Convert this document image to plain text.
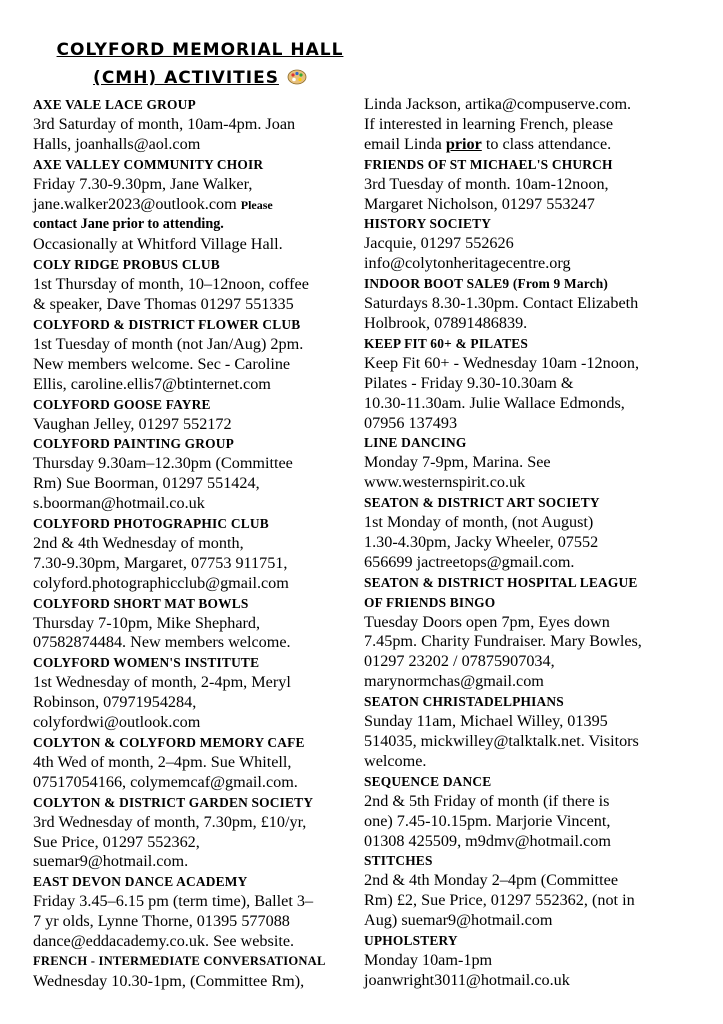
COLYFORD MEMORIAL HALL
(CMH) ACTIVITIES
AXE VALE LACE GROUP
3rd Saturday of month, 10am-4pm. Joan
Halls, joanhalls@aol.com
AXE VALLEY COMMUNITY CHOIR
Friday 7.30-9.30pm, Jane Walker,
jane.walker2023@outlook.com Please
contact Jane prior to attending.
Occasionally at Whitford Village Hall.
COLY RIDGE PROBUS CLUB
1st Thursday of month, 10–12noon, coffee
& speaker, Dave Thomas 01297 551335
COLYFORD & DISTRICT FLOWER CLUB
1st Tuesday of month (not Jan/Aug) 2pm.
New members welcome. Sec - Caroline
Ellis, caroline.ellis7@btinternet.com
COLYFORD GOOSE FAYRE
Vaughan Jelley, 01297 552172
COLYFORD PAINTING GROUP
Thursday 9.30am–12.30pm (Committee
Rm) Sue Boorman, 01297 551424,
s.boorman@hotmail.co.uk
COLYFORD PHOTOGRAPHIC CLUB
2nd & 4th Wednesday of month,
7.30-9.30pm, Margaret, 07753 911751,
colyford.photographicclub@gmail.com
COLYFORD SHORT MAT BOWLS
Thursday 7-10pm, Mike Shephard,
07582874484. New members welcome.
COLYFORD WOMEN'S INSTITUTE
1st Wednesday of month, 2-4pm, Meryl
Robinson, 07971954284,
colyfordwi@outlook.com
COLYTON & COLYFORD MEMORY CAFE
4th Wed of month, 2–4pm. Sue Whitell,
07517054166, colymemcaf@gmail.com.
COLYTON & DISTRICT GARDEN SOCIETY
3rd Wednesday of month, 7.30pm, £10/yr,
Sue Price, 01297 552362,
suemar9@hotmail.com.
EAST DEVON DANCE ACADEMY
Friday 3.45–6.15 pm (term time), Ballet 3–
7 yr olds, Lynne Thorne, 01395 577088
dance@eddacademy.co.uk. See website.
FRENCH - INTERMEDIATE CONVERSATIONAL
Wednesday 10.30-1pm, (Committee Rm),
Linda Jackson, artika@compuserve.com.
If interested in learning French, please
email Linda prior to class attendance.
FRIENDS OF ST MICHAEL'S CHURCH
3rd Tuesday of month. 10am-12noon,
Margaret Nicholson, 01297 553247
HISTORY SOCIETY
Jacquie, 01297 552626
info@colytonheritagecentre.org
INDOOR BOOT SALE9 (From 9 March)
Saturdays 8.30-1.30pm. Contact Elizabeth
Holbrook, 07891486839.
KEEP FIT 60+ & PILATES
Keep Fit 60+ - Wednesday 10am -12noon,
Pilates - Friday 9.30-10.30am &
10.30-11.30am. Julie Wallace Edmonds,
07956 137493
LINE DANCING
Monday 7-9pm, Marina. See
www.westernspirit.co.uk
SEATON & DISTRICT ART SOCIETY
1st Monday of month, (not August)
1.30-4.30pm, Jacky Wheeler, 07552
656699 jactreetops@gmail.com.
SEATON & DISTRICT HOSPITAL LEAGUE
OF FRIENDS BINGO
Tuesday Doors open 7pm, Eyes down
7.45pm. Charity Fundraiser. Mary Bowles,
01297 23202 / 07875907034,
marynormchas@gmail.com
SEATON CHRISTADELPHIANS
Sunday 11am, Michael Willey, 01395
514035, mickwilley@talktalk.net. Visitors
welcome.
SEQUENCE DANCE
2nd & 5th Friday of month (if there is
one) 7.45-10.15pm. Marjorie Vincent,
01308 425509, m9dmv@hotmail.com
STITCHES
2nd & 4th Monday 2–4pm (Committee
Rm) £2, Sue Price, 01297 552362, (not in
Aug) suemar9@hotmail.com
UPHOLSTERY
Monday 10am-1pm
joanwright3011@hotmail.co.uk
